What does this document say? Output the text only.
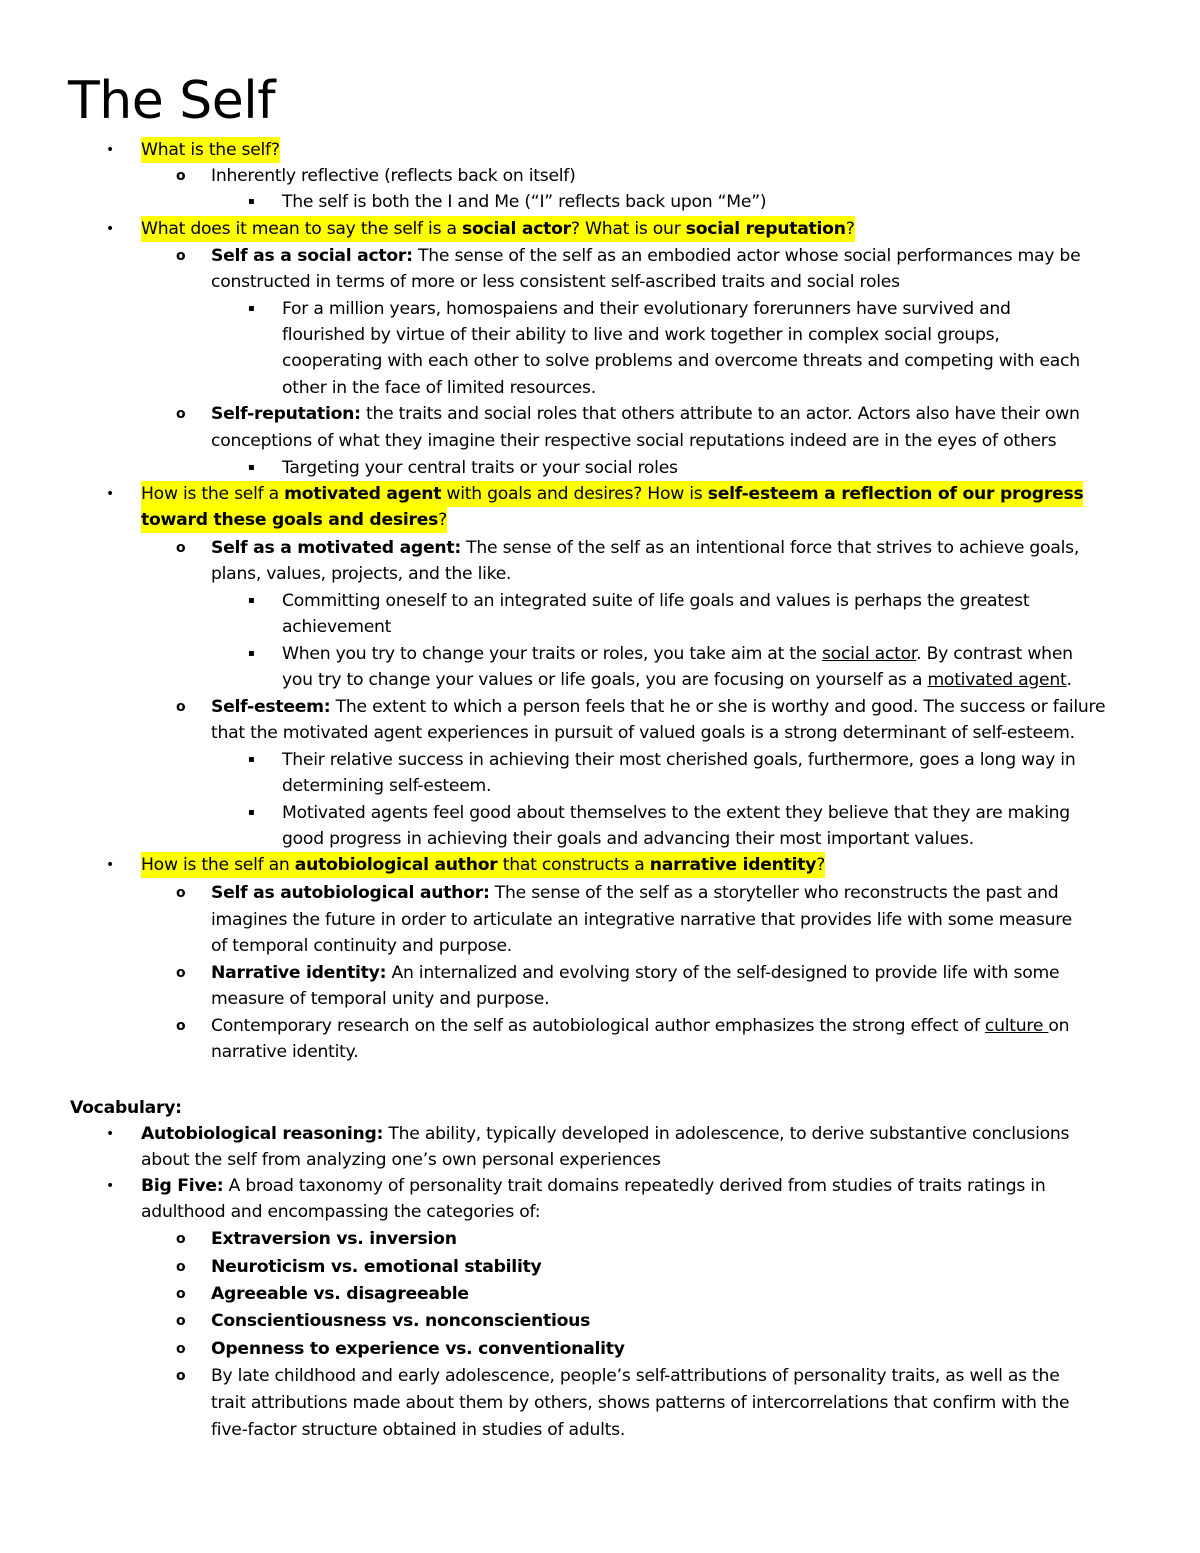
The Self
• What is the self?
o Inherently reflective (reflects back on itself)
▪ The self is both the I and Me (“I” reflects back upon “Me”)
• What does it mean to say the self is a social actor? What is our social reputation?
o Self as a social actor: The sense of the self as an embodied actor whose social performances may be
constructed in terms of more or less consistent self-ascribed traits and social roles
▪ For a million years, homospaiens and their evolutionary forerunners have survived and
flourished by virtue of their ability to live and work together in complex social groups,
cooperating with each other to solve problems and overcome threats and competing with each
other in the face of limited resources.
o Self-reputation: the traits and social roles that others attribute to an actor. Actors also have their own
conceptions of what they imagine their respective social reputations indeed are in the eyes of others
▪ Targeting your central traits or your social roles
• How is the self a motivated agent with goals and desires? How is self-esteem a reflection of our progress
toward these goals and desires?
o Self as a motivated agent: The sense of the self as an intentional force that strives to achieve goals,
plans, values, projects, and the like.
▪ Committing oneself to an integrated suite of life goals and values is perhaps the greatest
achievement
▪ When you try to change your traits or roles, you take aim at the social actor. By contrast when
you try to change your values or life goals, you are focusing on yourself as a motivated agent.
o Self-esteem: The extent to which a person feels that he or she is worthy and good. The success or failure
that the motivated agent experiences in pursuit of valued goals is a strong determinant of self-esteem.
▪ Their relative success in achieving their most cherished goals, furthermore, goes a long way in
determining self-esteem.
▪ Motivated agents feel good about themselves to the extent they believe that they are making
good progress in achieving their goals and advancing their most important values.
• How is the self an autobiological author that constructs a narrative identity?
o Self as autobiological author: The sense of the self as a storyteller who reconstructs the past and
imagines the future in order to articulate an integrative narrative that provides life with some measure
of temporal continuity and purpose.
o Narrative identity: An internalized and evolving story of the self-designed to provide life with some
measure of temporal unity and purpose.
o Contemporary research on the self as autobiological author emphasizes the strong effect of culture on
narrative identity.
Vocabulary:
• Autobiological reasoning: The ability, typically developed in adolescence, to derive substantive conclusions
about the self from analyzing one’s own personal experiences
• Big Five: A broad taxonomy of personality trait domains repeatedly derived from studies of traits ratings in
adulthood and encompassing the categories of:
o Extraversion vs. inversion
o Neuroticism vs. emotional stability
o Agreeable vs. disagreeable
o Conscientiousness vs. nonconscientious
o Openness to experience vs. conventionality
o By late childhood and early adolescence, people’s self-attributions of personality traits, as well as the
trait attributions made about them by others, shows patterns of intercorrelations that confirm with the
five-factor structure obtained in studies of adults.
